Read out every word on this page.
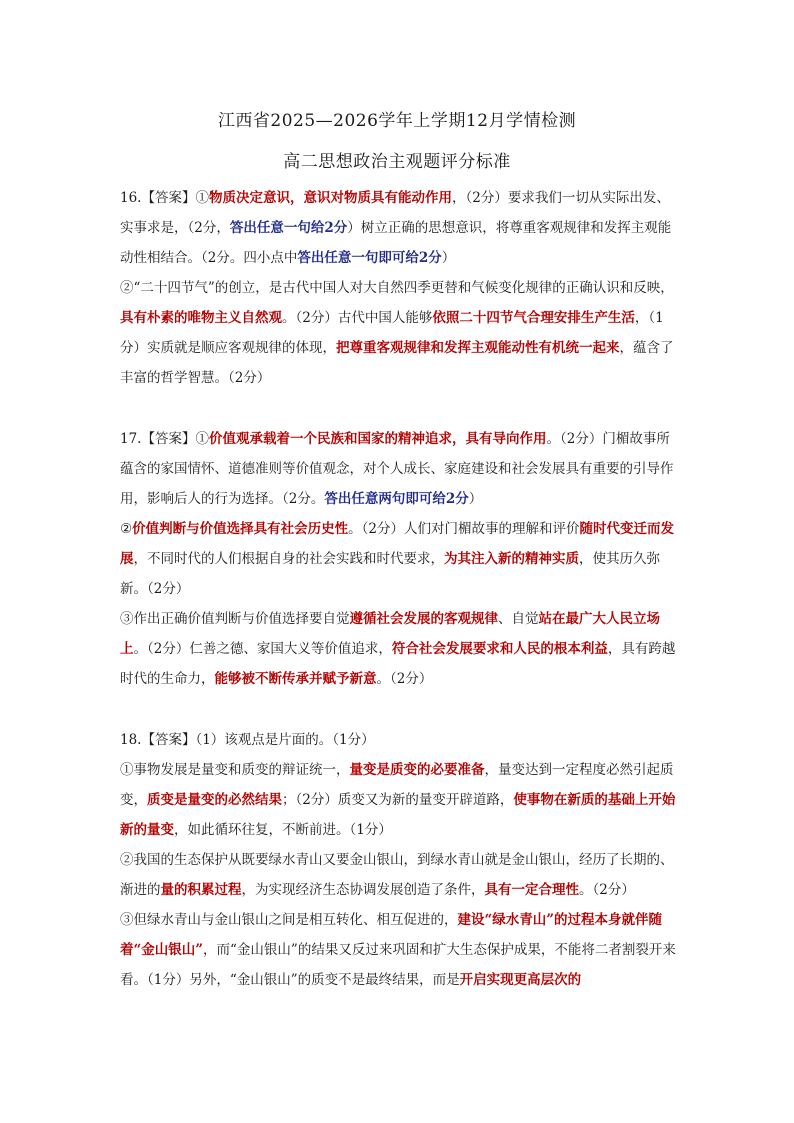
江西省2025—2026学年上学期12月学情检测
高二思想政治主观题评分标准

16.【答案】①物质决定意识，意识对物质具有能动作用，（2分）要求我们一切从实际出发、实事求是，（2分，答出任意一句给2分）树立正确的思想意识，将尊重客观规律和发挥主观能动性相结合。（2分。四小点中答出任意一句即可给2分）

②“二十四节气”的创立，是古代中国人对大自然四季更替和气候变化规律的正确认识和反映，具有朴素的唯物主义自然观。（2分）古代中国人能够依照二十四节气合理安排生产生活，（1分）实质就是顺应客观规律的体现，把尊重客观规律和发挥主观能动性有机统一起来，蕴含了丰富的哲学智慧。（2分）

17.【答案】①价值观承载着一个民族和国家的精神追求，具有导向作用。（2分）门楣故事所蕴含的家国情怀、道德准则等价值观念，对个人成长、家庭建设和社会发展具有重要的引导作用，影响后人的行为选择。（2分。答出任意两句即可给2分）

②价值判断与价值选择具有社会历史性。（2分）人们对门楣故事的理解和评价随时代变迁而发展，不同时代的人们根据自身的社会实践和时代要求，为其注入新的精神实质，使其历久弥新。（2分）

③作出正确价值判断与价值选择要自觉遵循社会发展的客观规律、自觉站在最广大人民立场上。（2分）仁善之德、家国大义等价值追求，符合社会发展要求和人民的根本利益，具有跨越时代的生命力，能够被不断传承并赋予新意。（2分）

18.【答案】（1）该观点是片面的。（1分）

①事物发展是量变和质变的辩证统一，量变是质变的必要准备，量变达到一定程度必然引起质变，质变是量变的必然结果；（2分）质变又为新的量变开辟道路，使事物在新质的基础上开始新的量变，如此循环往复，不断前进。（1分）

②我国的生态保护从既要绿水青山又要金山银山，到绿水青山就是金山银山，经历了长期的、渐进的量的积累过程，为实现经济生态协调发展创造了条件，具有一定合理性。（2分）

③但绿水青山与金山银山之间是相互转化、相互促进的，建设“绿水青山”的过程本身就伴随着“金山银山”，而“金山银山”的结果又反过来巩固和扩大生态保护成果，不能将二者割裂开来看。（1分）另外，“金山银山”的质变不是最终结果，而是开启实现更高层次的
